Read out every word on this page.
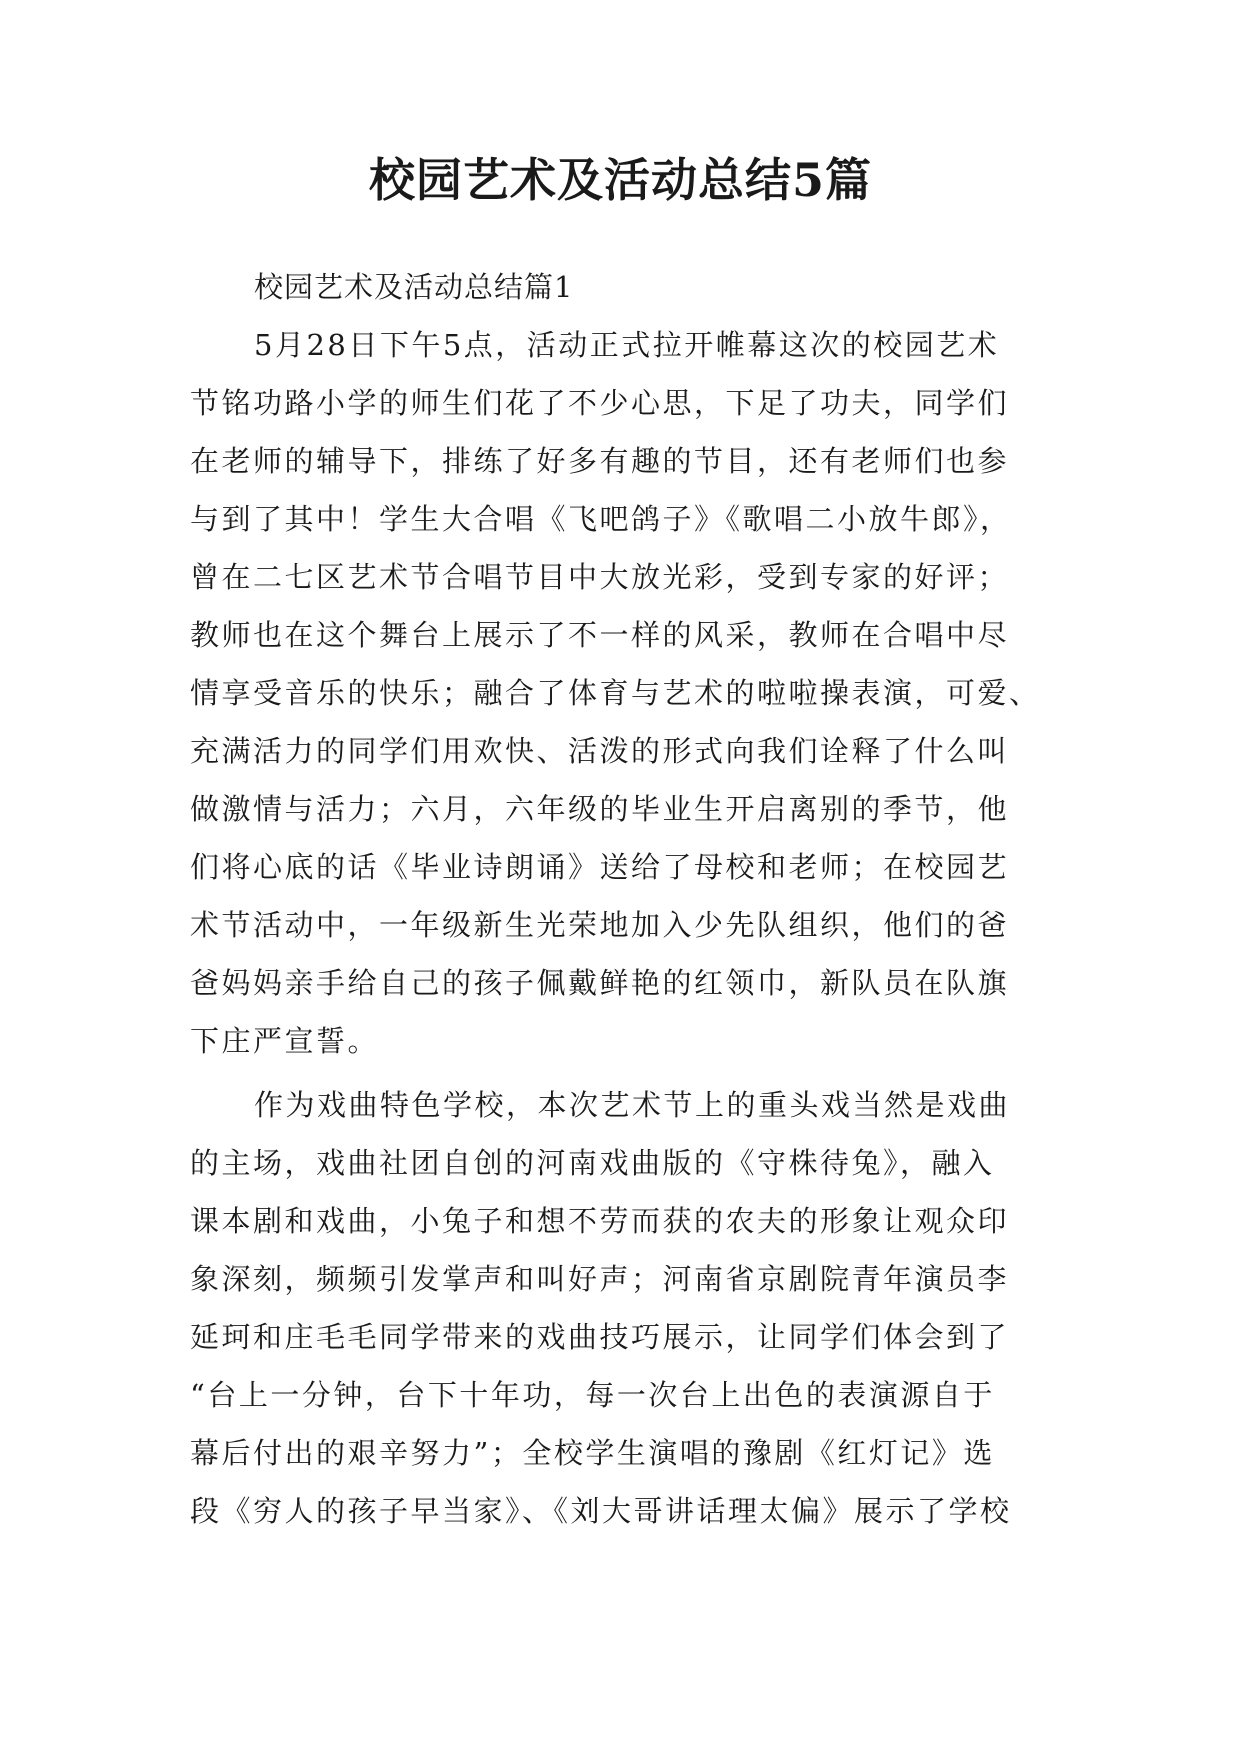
校园艺术及活动总结5篇
校园艺术及活动总结篇1

5月28日下午5点，活动正式拉开帷幕这次的校园艺术
节铭功路小学的师生们花了不少心思，下足了功夫，同学们
在老师的辅导下，排练了好多有趣的节目，还有老师们也参
与到了其中！学生大合唱《飞吧鸽子》《歌唱二小放牛郎》，
曾在二七区艺术节合唱节目中大放光彩，受到专家的好评；
教师也在这个舞台上展示了不一样的风采，教师在合唱中尽
情享受音乐的快乐；融合了体育与艺术的啦啦操表演，可爱、
充满活力的同学们用欢快、活泼的形式向我们诠释了什么叫
做激情与活力；六月，六年级的毕业生开启离别的季节，他
们将心底的话《毕业诗朗诵》送给了母校和老师；在校园艺
术节活动中，一年级新生光荣地加入少先队组织，他们的爸
爸妈妈亲手给自己的孩子佩戴鲜艳的红领巾，新队员在队旗
下庄严宣誓。

作为戏曲特色学校，本次艺术节上的重头戏当然是戏曲
的主场，戏曲社团自创的河南戏曲版的《守株待兔》，融入
课本剧和戏曲，小兔子和想不劳而获的农夫的形象让观众印
象深刻，频频引发掌声和叫好声；河南省京剧院青年演员李
延珂和庄毛毛同学带来的戏曲技巧展示，让同学们体会到了
“台上一分钟，台下十年功，每一次台上出色的表演源自于
幕后付出的艰辛努力”；全校学生演唱的豫剧《红灯记》选
段《穷人的孩子早当家》、《刘大哥讲话理太偏》展示了学校
